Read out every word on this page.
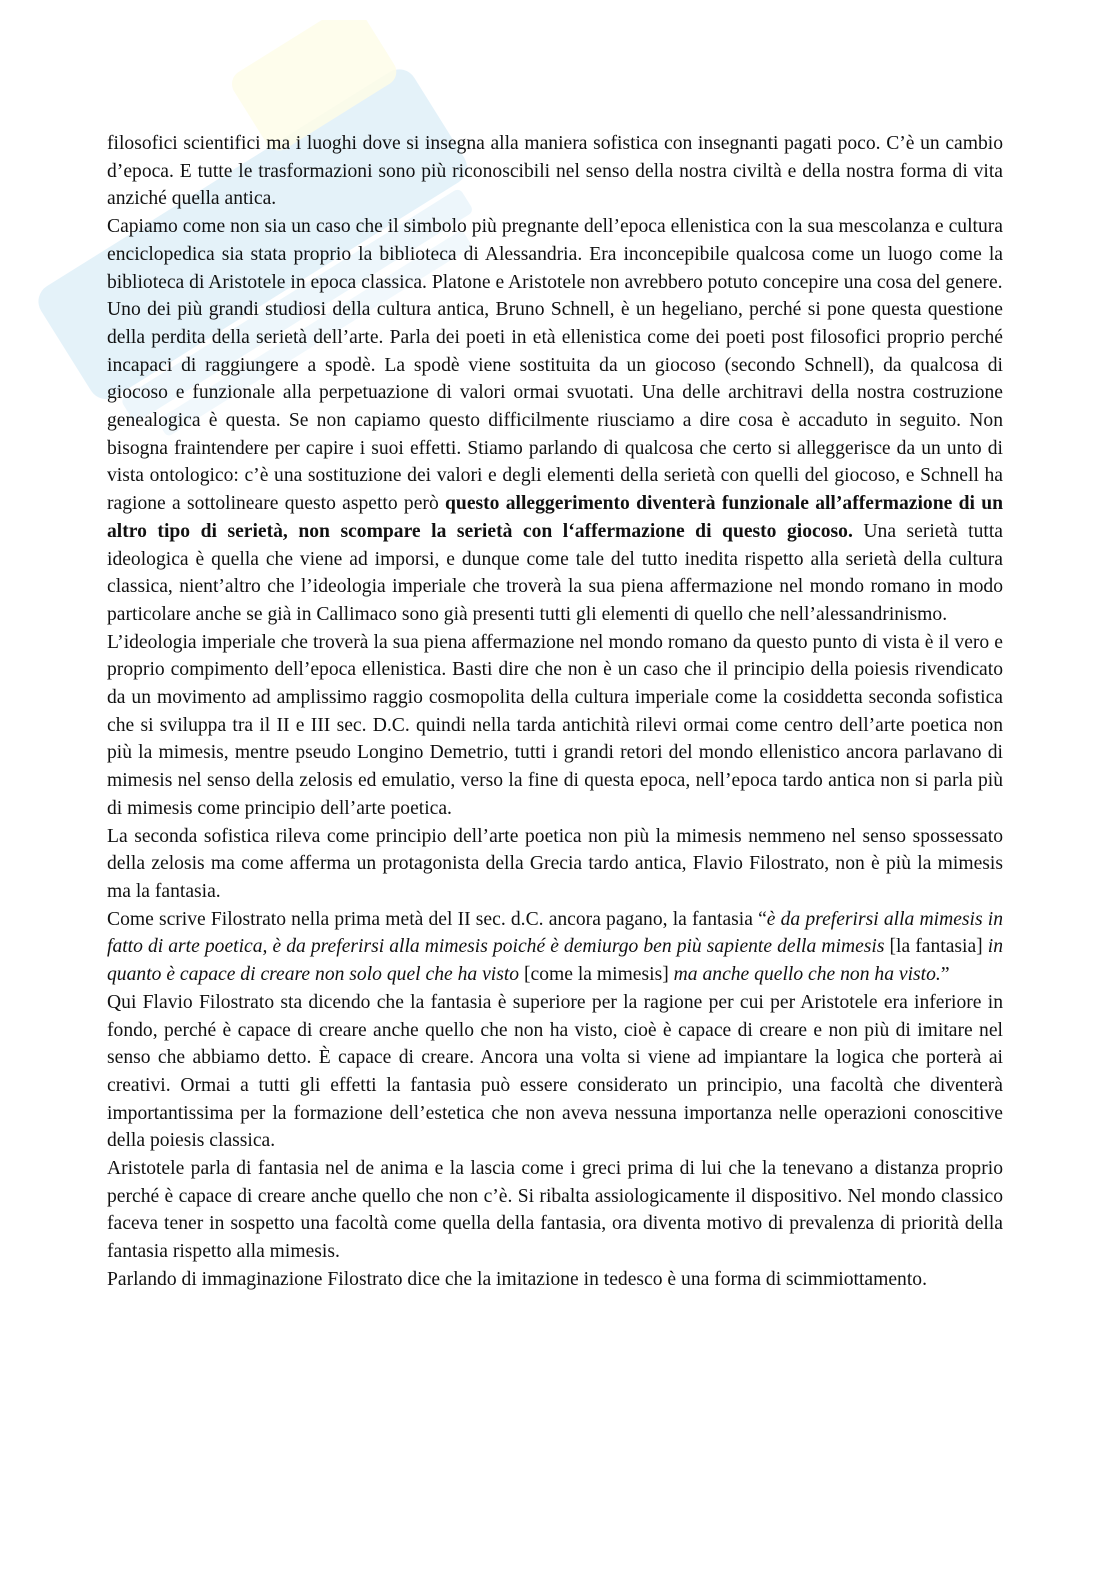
filosofici scientifici ma i luoghi dove si insegna alla maniera sofistica con insegnanti pagati poco. C’è un cambio d’epoca. E tutte le trasformazioni sono più riconoscibili nel senso della nostra civiltà e della nostra forma di vita anziché quella antica.

Capiamo come non sia un caso che il simbolo più pregnante dell’epoca ellenistica con la sua mescolanza e cultura enciclopedica sia stata proprio la biblioteca di Alessandria. Era inconcepibile qualcosa come un luogo come la biblioteca di Aristotele in epoca classica. Platone e Aristotele non avrebbero potuto concepire una cosa del genere.

Uno dei più grandi studiosi della cultura antica, Bruno Schnell, è un hegeliano, perché si pone questa questione della perdita della serietà dell’arte. Parla dei poeti in età ellenistica come dei poeti post filosofici proprio perché incapaci di raggiungere a spodè. La spodè viene sostituita da un giocoso (secondo Schnell), da qualcosa di giocoso e funzionale alla perpetuazione di valori ormai svuotati. Una delle architravi della nostra costruzione genealogica è questa. Se non capiamo questo difficilmente riusciamo a dire cosa è accaduto in seguito. Non bisogna fraintendere per capire i suoi effetti. Stiamo parlando di qualcosa che certo si alleggerisce da un unto di vista ontologico: c’è una sostituzione dei valori e degli elementi della serietà con quelli del giocoso, e Schnell ha ragione a sottolineare questo aspetto però questo alleggerimento diventerà funzionale all’affermazione di un altro tipo di serietà, non scompare la serietà con l‘affermazione di questo giocoso. Una serietà tutta ideologica è quella che viene ad imporsi, e dunque come tale del tutto inedita rispetto alla serietà della cultura classica, nient’altro che l’ideologia imperiale che troverà la sua piena affermazione nel mondo romano in modo particolare anche se già in Callimaco sono già presenti tutti gli elementi di quello che nell’alessandrinismo.

L’ideologia imperiale che troverà la sua piena affermazione nel mondo romano da questo punto di vista è il vero e proprio compimento dell’epoca ellenistica. Basti dire che non è un caso che il principio della poiesis rivendicato da un movimento ad amplissimo raggio cosmopolita della cultura imperiale come la cosiddetta seconda sofistica che si sviluppa tra il II e III sec. D.C. quindi nella tarda antichità rilevi ormai come centro dell’arte poetica non più la mimesis, mentre pseudo Longino Demetrio, tutti i grandi retori del mondo ellenistico ancora parlavano di mimesis nel senso della zelosis ed emulatio, verso la fine di questa epoca, nell’epoca tardo antica non si parla più di mimesis come principio dell’arte poetica.

La seconda sofistica rileva come principio dell’arte poetica non più la mimesis nemmeno nel senso spossessato della zelosis ma come afferma un protagonista della Grecia tardo antica, Flavio Filostrato, non è più la mimesis ma la fantasia.

Come scrive Filostrato nella prima metà del II sec. d.C. ancora pagano, la fantasia “è da preferirsi alla mimesis in fatto di arte poetica, è da preferirsi alla mimesis poiché è demiurgo ben più sapiente della mimesis [la fantasia] in quanto è capace di creare non solo quel che ha visto [come la mimesis] ma anche quello che non ha visto.”

Qui Flavio Filostrato sta dicendo che la fantasia è superiore per la ragione per cui per Aristotele era inferiore in fondo, perché è capace di creare anche quello che non ha visto, cioè è capace di creare e non più di imitare nel senso che abbiamo detto. È capace di creare. Ancora una volta si viene ad impiantare la logica che porterà ai creativi. Ormai a tutti gli effetti la fantasia può essere considerato un principio, una facoltà che diventerà importantissima per la formazione dell’estetica che non aveva nessuna importanza nelle operazioni conoscitive della poiesis classica.

Aristotele parla di fantasia nel de anima e la lascia come i greci prima di lui che la tenevano a distanza proprio perché è capace di creare anche quello che non c’è. Si ribalta assiologicamente il dispositivo. Nel mondo classico faceva tener in sospetto una facoltà come quella della fantasia, ora diventa motivo di prevalenza di priorità della fantasia rispetto alla mimesis.

Parlando di immaginazione Filostrato dice che la imitazione in tedesco è una forma di scimmiottamento.
